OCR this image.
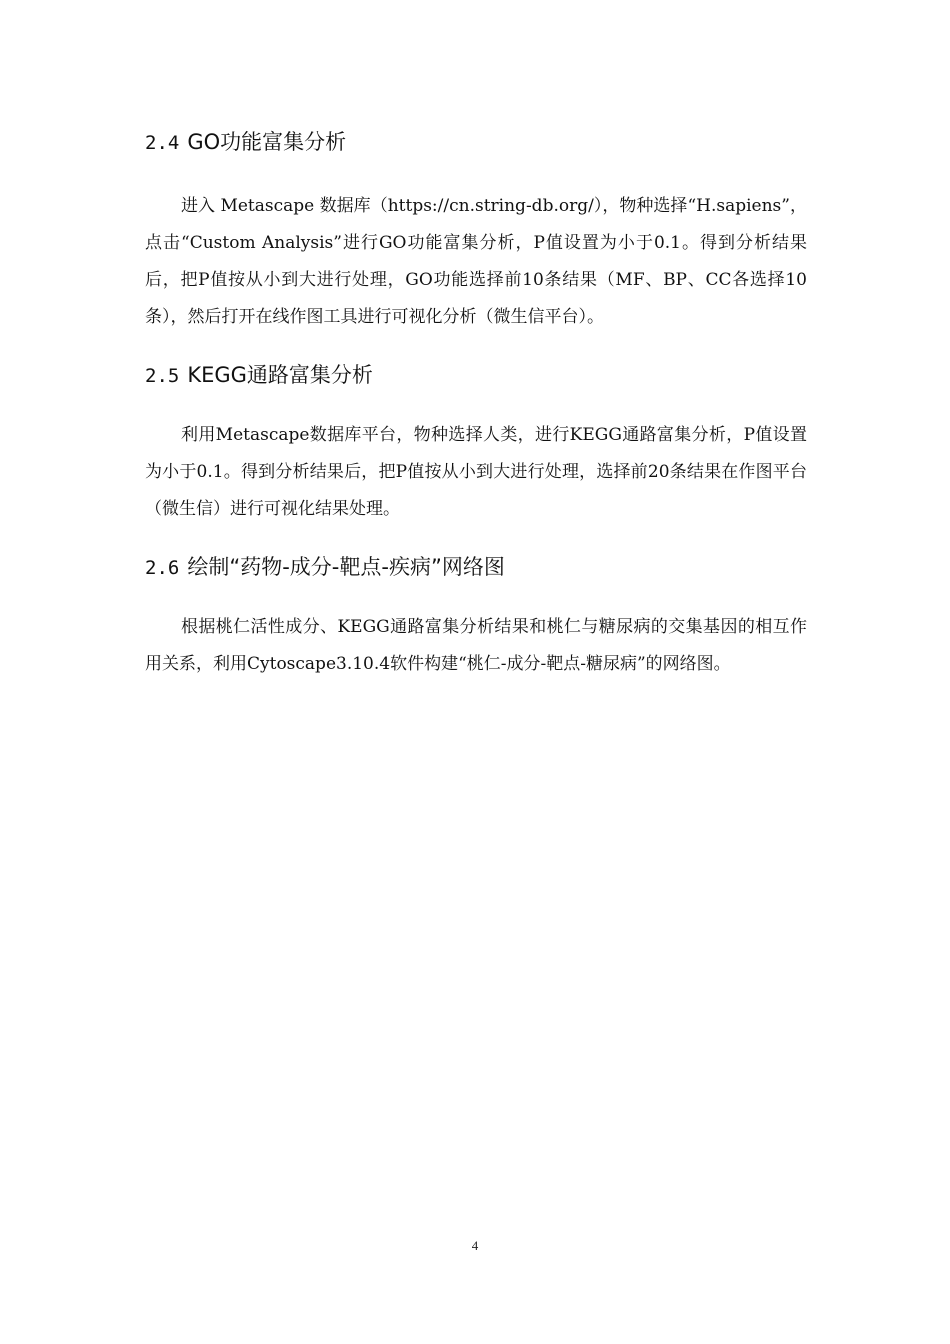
2.4 GO功能富集分析

进入 Metascape 数据库（https://cn.string-db.org/），物种选择“H.sapiens”，点击“Custom Analysis”进行GO功能富集分析，P值设置为小于0.1。得到分析结果后，把P值按从小到大进行处理，GO功能选择前10条结果（MF、BP、CC各选择10条），然后打开在线作图工具进行可视化分析（微生信平台）。

2.5 KEGG通路富集分析

利用Metascape数据库平台，物种选择人类，进行KEGG通路富集分析，P值设置为小于0.1。得到分析结果后，把P值按从小到大进行处理，选择前20条结果在作图平台（微生信）进行可视化结果处理。

2.6 绘制“药物-成分-靶点-疾病”网络图

根据桃仁活性成分、KEGG通路富集分析结果和桃仁与糖尿病的交集基因的相互作用关系，利用Cytoscape3.10.4软件构建“桃仁-成分-靶点-糖尿病”的网络图。

4
